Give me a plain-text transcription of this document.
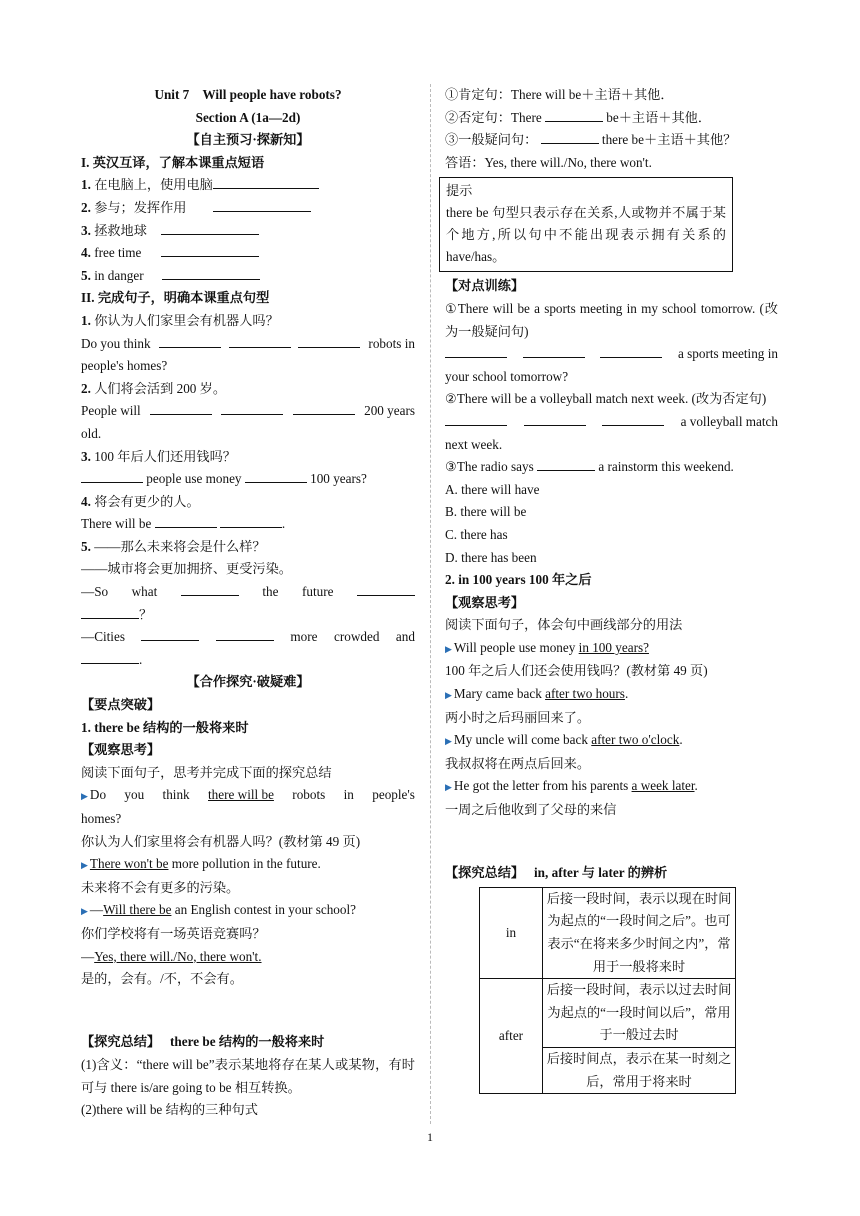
Unit 7　Will people have robots?
Section A (1a—2d)
【自主预习·探新知】
I. 英汉互译，了解本课重点短语
1. 在电脑上，使用电脑
2. 参与；发挥作用
3. 拯救地球
4. free time
5. in danger
II. 完成句子，明确本课重点句型
1. 你认为人们家里会有机器人吗？
Do you think	robots in
people's homes?
2. 人们将会活到 200 岁。
People will	200 years
old.
3. 100 年后人们还用钱吗？
people use money	100 years?
4. 将会有更少的人。
There will be	.
5. ——那么未来将会是什么样？
——城市将会更加拥挤、更受污染。
—So what	the future
？
—Cities	more crowded and
.
【合作探究·破疑难】
【要点突破】
1. there be 结构的一般将来时
【观察思考】
阅读下面句子，思考并完成下面的探究总结
▶ Do you think there will be robots in people's
homes?
你认为人们家里将会有机器人吗？(教材第 49 页)
▶ There won't be more pollution in the future.
未来将不会有更多的污染。
▶ —Will there be an English contest in your school?
你们学校将有一场英语竞赛吗？
—Yes, there will./No, there won't.
是的，会有。/不，不会有。
【探究总结】　 there be 结构的一般将来时
(1)含义：“there will be”表示某地将存在某人或某物，有时可与 there is/are going to be 相互转换。
(2)there will be 结构的三种句式
①肯定句：There will be＋主语＋其他．
②否定句：There	be＋主语＋其他．
③一般疑问句：	there be＋主语＋其他？
答语：Yes, there will./No, there won't.
提示
there be 句型只表示存在关系,人或物并不属于某个地方,所以句中不能出现表示拥有关系的 have/has。
【对点训练】
①There will be a sports meeting in my school tomorrow. (改为一般疑问句)
a sports meeting in
your school tomorrow?
②There will be a volleyball match next week. (改为否定句)
a volleyball match
next week.
③The radio says	a rainstorm this weekend.
A. there will have
B. there will be
C. there has
D. there has been
2. in 100 years 100 年之后
【观察思考】
阅读下面句子，体会句中画线部分的用法
▶ Will people use money in 100 years?
100 年之后人们还会使用钱吗？(教材第 49 页)
▶ Mary came back after two hours.
两小时之后玛丽回来了。
▶ My uncle will come back after two o'clock.
我叔叔将在两点后回来。
▶ He got the letter from his parents a week later.
一周之后他收到了父母的来信
【探究总结】　 in, after 与 later 的辨析
in	后接一段时间，表示以现在时间为起点的“一段时间之后”。也可表示“在将来多少时间之内”，常用于一般将来时
after	后接一段时间，表示以过去时间为起点的“一段时间以后”，常用于一般过去时
	后接时间点，表示在某一时刻之后，常用于将来时
1
